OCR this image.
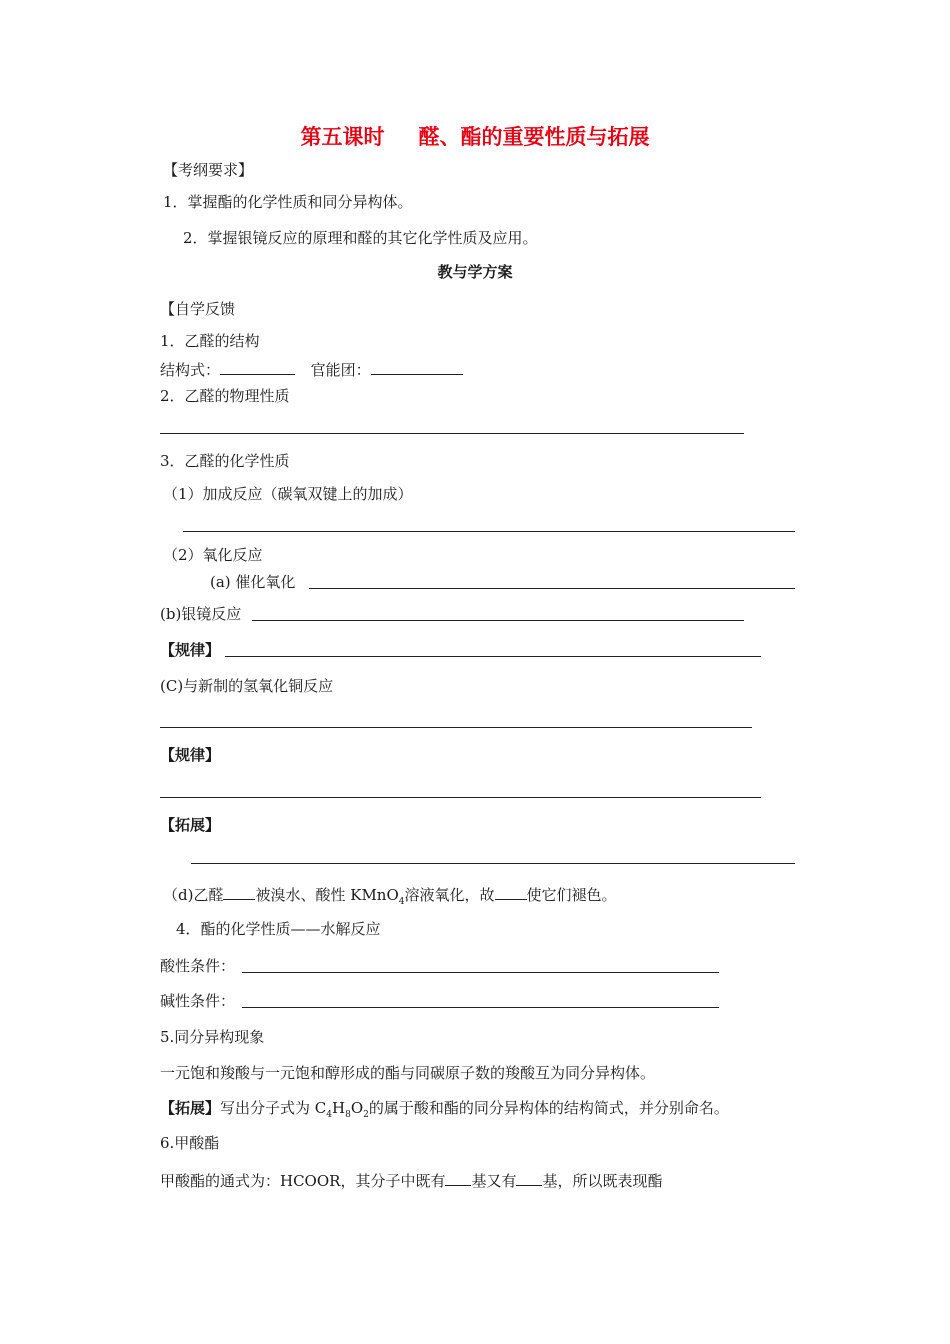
第五课时 醛、酯的重要性质与拓展
【考纲要求】
1．掌握酯的化学性质和同分异构体。
2．掌握银镜反应的原理和醛的其它化学性质及应用。
教与学方案
【自学反馈
1．乙醛的结构
结构式：	官能团：
2．乙醛的物理性质
3．乙醛的化学性质
（1）加成反应（碳氧双键上的加成）
（2）氧化反应
(a) 催化氧化
(b)银镜反应
【规律】
(C)与新制的氢氧化铜反应
【规律】
【拓展】
（d)乙醛 被溴水、酸性 KMnO$_4$溶液氧化，故 使它们褪色。
4．酯的化学性质——水解反应
酸性条件：
碱性条件：
5.同分异构现象
一元饱和羧酸与一元饱和醇形成的酯与同碳原子数的羧酸互为同分异构体。
【拓展】写出分子式为 $C_4H_8O_2$的属于酸和酯的同分异构体的结构简式，并分别命名。
6.甲酸酯
甲酸酯的通式为：HCOOR，其分子中既有 基又有 基，所以既表现酯
